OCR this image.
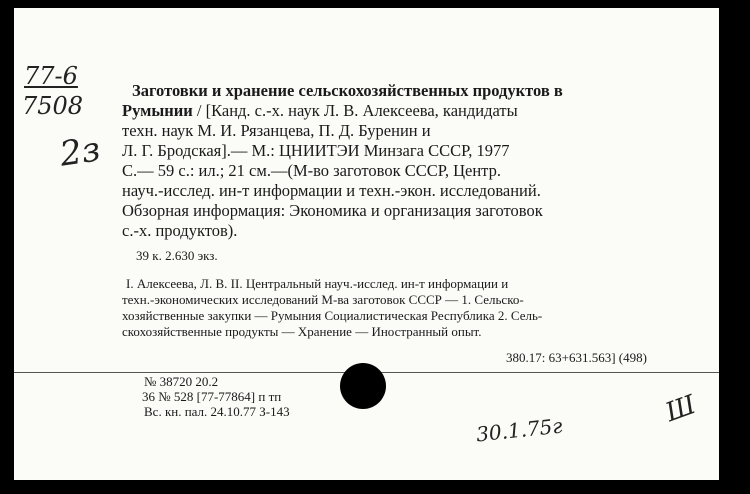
77-6
7508
2з
Заготовки и хранение сельскохозяйственных продуктов в
Румынии / [Канд. с.-х. наук Л. В. Алексеева, кандидаты
техн. наук М. И. Рязанцева, П. Д. Буренин и
Л. Г. Бродская].— М.: ЦНИИТЭИ Минзага СССР, 1977
С.— 59 с.: ил.; 21 см.—(М-во заготовок СССР, Центр.
науч.-исслед. ин-т информации и техн.-экон. исследований.
Обзорная информация: Экономика и организация заготовок
с.-х. продуктов).
39 к. 2.630 экз.
I. Алексеева, Л. В. II. Центральный науч.-исслед. ин-т информации и
техн.-экономических исследований М-ва заготовок СССР — 1. Сельско-
хозяйственные закупки — Румыния Социалистическая Республика 2. Сель-
скохозяйственные продукты — Хранение — Иностранный опыт.
380.17: 63+631.563] (498)
№ 38720 20.2
36 № 528 [77-77864] п тп
Вс. кн. пал. 24.10.77 З-143
30.1.75г
Ш
